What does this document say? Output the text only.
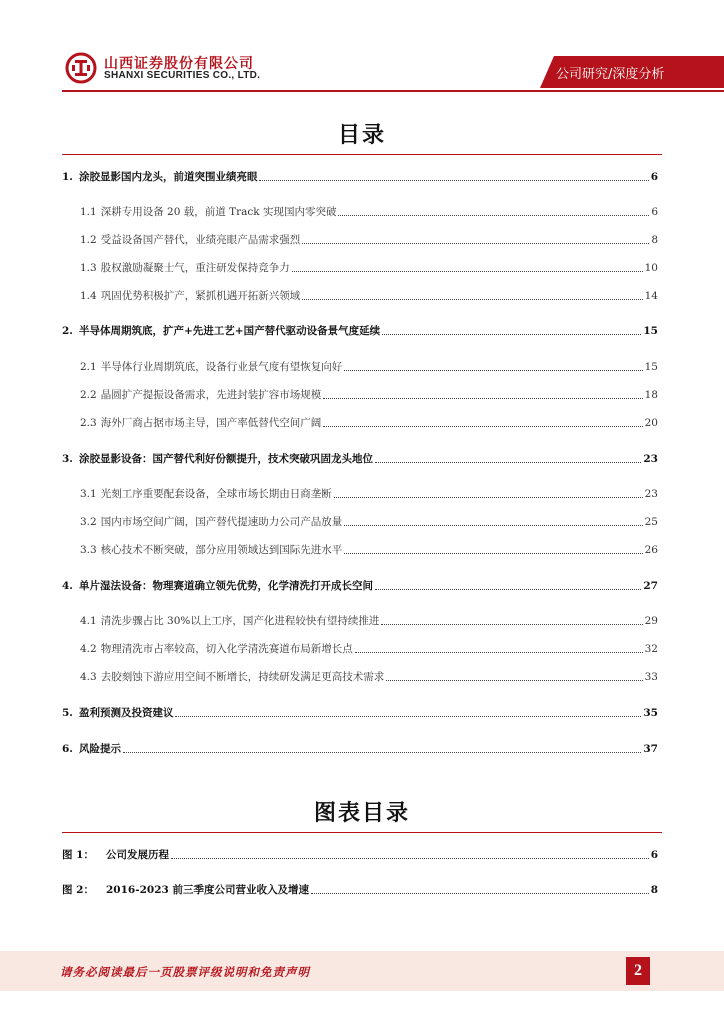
山西证券股份有限公司
SHANXI SECURITIES CO., LTD.	公司研究/深度分析
目录
1. 涂胶显影国内龙头，前道突围业绩亮眼	6
1.1 深耕专用设备 20 载，前道 Track 实现国内零突破	6
1.2 受益设备国产替代，业绩亮眼产品需求强烈	8
1.3 股权激励凝聚士气，重注研发保持竞争力	10
1.4 巩固优势积极扩产，紧抓机遇开拓新兴领域	14
2. 半导体周期筑底，扩产+先进工艺+国产替代驱动设备景气度延续	15
2.1 半导体行业周期筑底，设备行业景气度有望恢复向好	15
2.2 晶圆扩产提振设备需求，先进封装扩容市场规模	18
2.3 海外厂商占据市场主导，国产率低替代空间广阔	20
3. 涂胶显影设备：国产替代利好份额提升，技术突破巩固龙头地位	23
3.1 光刻工序重要配套设备，全球市场长期由日商垄断	23
3.2 国内市场空间广阔，国产替代提速助力公司产品放量	25
3.3 核心技术不断突破，部分应用领域达到国际先进水平	26
4. 单片湿法设备：物理赛道确立领先优势，化学清洗打开成长空间	27
4.1 清洗步骤占比 30%以上工序，国产化进程较快有望持续推进	29
4.2 物理清洗市占率较高，切入化学清洗赛道布局新增长点	32
4.3 去胶刻蚀下游应用空间不断增长，持续研发满足更高技术需求	33
5. 盈利预测及投资建议	35
6. 风险提示	37
图表目录
图 1：	公司发展历程	6
图 2：	2016-2023 前三季度公司营业收入及增速	8
请务必阅读最后一页股票评级说明和免责声明	2
